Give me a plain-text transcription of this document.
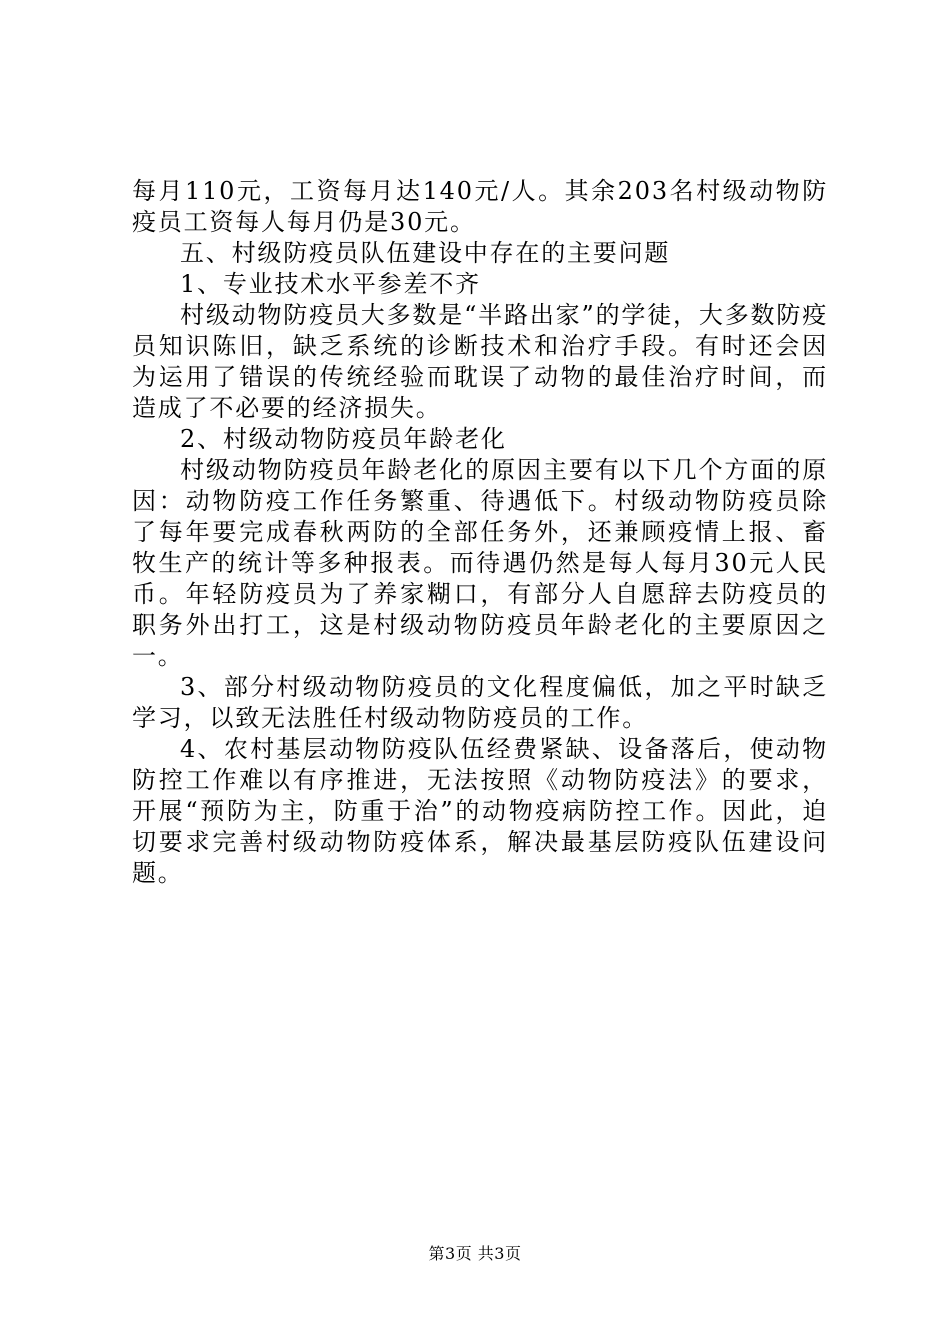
每月110元，工资每月达140元/人。其余203名村级动物防疫员工资每人每月仍是30元。

五、村级防疫员队伍建设中存在的主要问题

1、专业技术水平参差不齐

村级动物防疫员大多数是“半路出家”的学徒，大多数防疫员知识陈旧，缺乏系统的诊断技术和治疗手段。有时还会因为运用了错误的传统经验而耽误了动物的最佳治疗时间，而造成了不必要的经济损失。

2、村级动物防疫员年龄老化

村级动物防疫员年龄老化的原因主要有以下几个方面的原因：动物防疫工作任务繁重、待遇低下。村级动物防疫员除了每年要完成春秋两防的全部任务外，还兼顾疫情上报、畜牧生产的统计等多种报表。而待遇仍然是每人每月30元人民币。年轻防疫员为了养家糊口，有部分人自愿辞去防疫员的职务外出打工，这是村级动物防疫员年龄老化的主要原因之一。

3、部分村级动物防疫员的文化程度偏低，加之平时缺乏学习，以致无法胜任村级动物防疫员的工作。

4、农村基层动物防疫队伍经费紧缺、设备落后，使动物防控工作难以有序推进，无法按照《动物防疫法》的要求，开展“预防为主，防重于治”的动物疫病防控工作。因此，迫切要求完善村级动物防疫体系，解决最基层防疫队伍建设问题。

第3页 共3页
